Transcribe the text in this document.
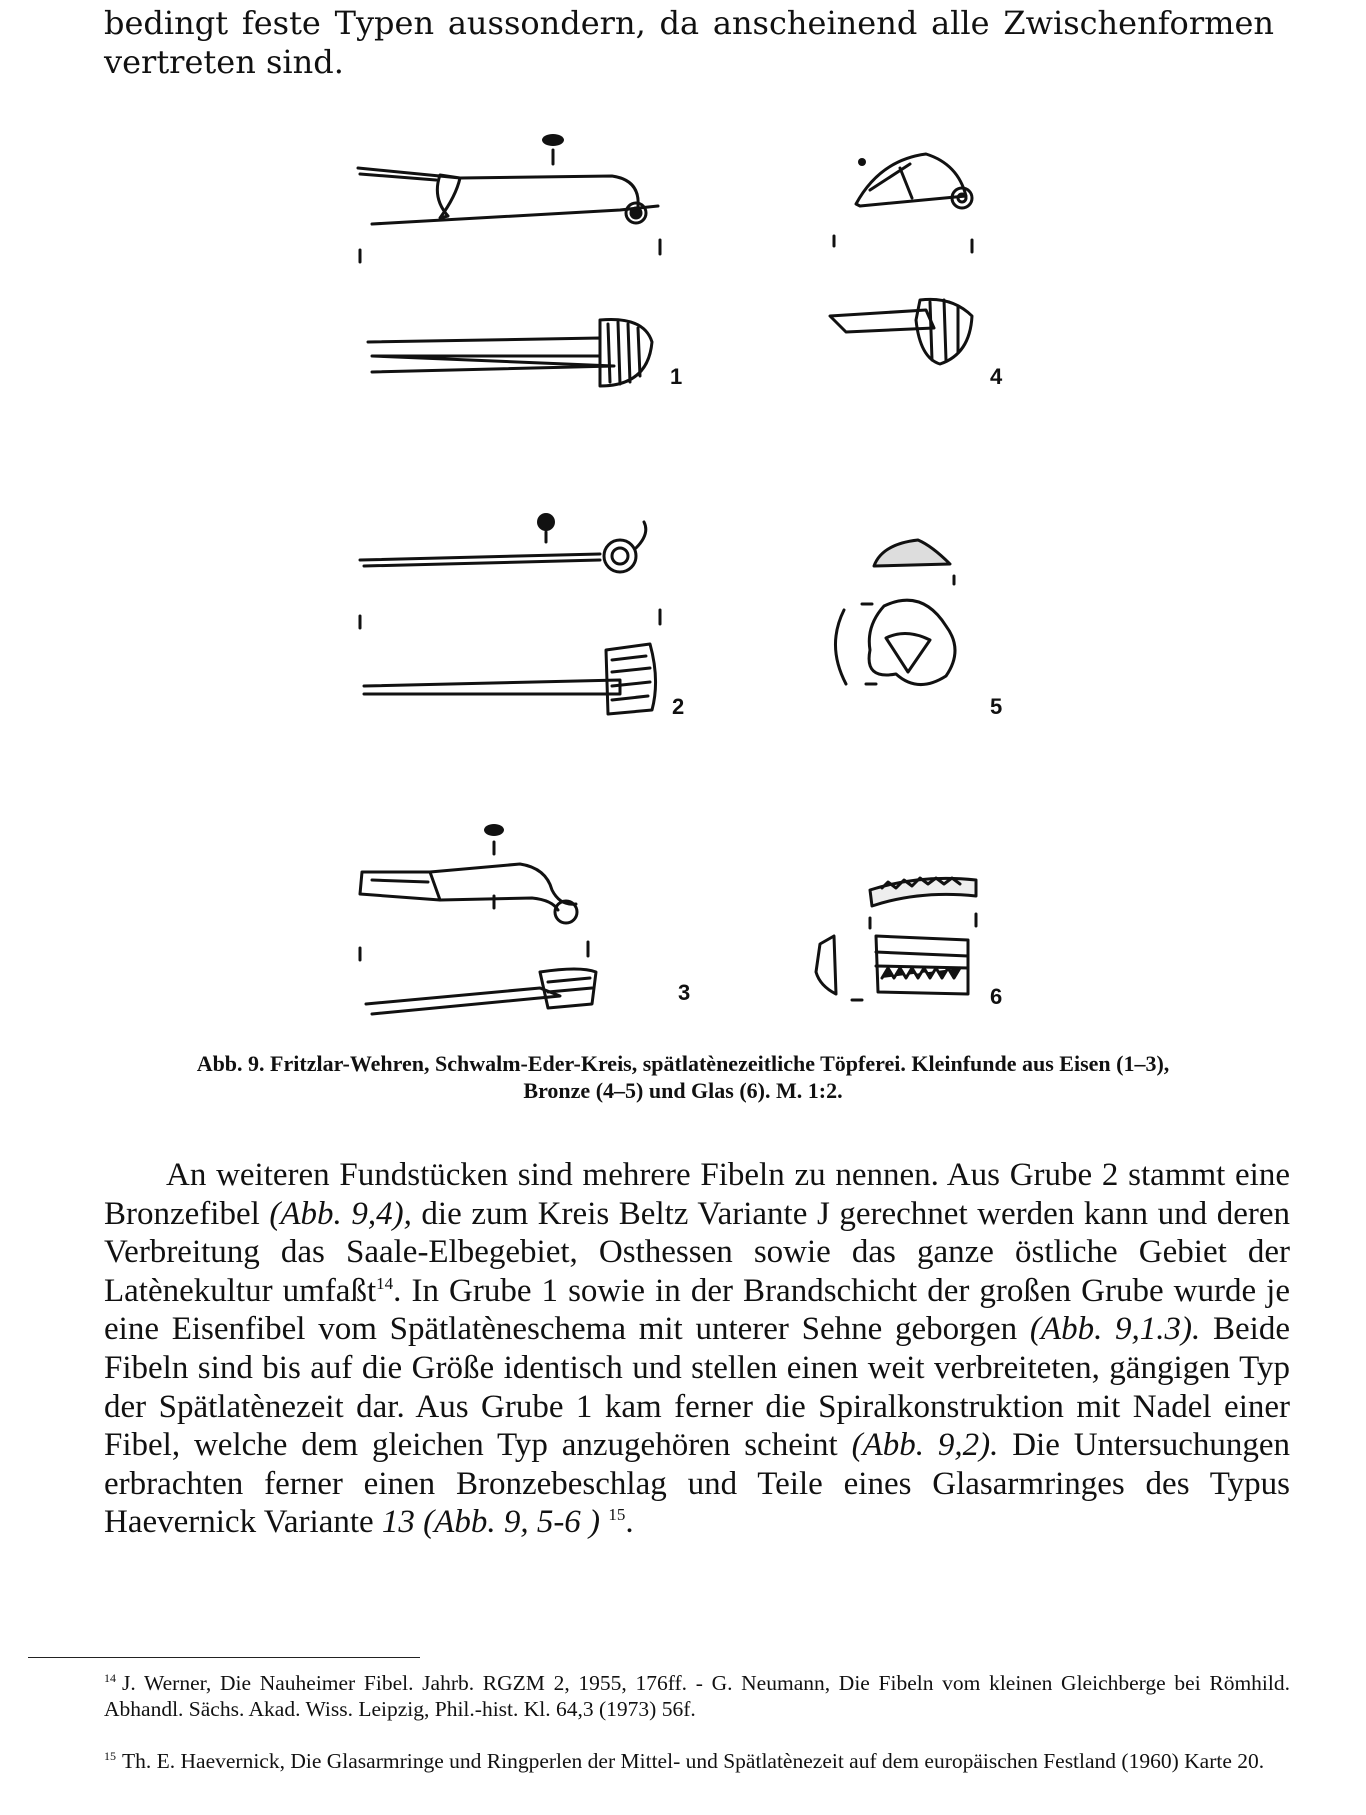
bedingt feste Typen aussondern, da anscheinend alle Zwischenformen vertreten sind.

1
2
3
4
5
6

Abb. 9. Fritzlar-Wehren, Schwalm-Eder-Kreis, spätlatènezeitliche Töpferei. Kleinfunde aus Eisen (1–3),
Bronze (4–5) und Glas (6). M. 1:2.

An weiteren Fundstücken sind mehrere Fibeln zu nennen. Aus Grube 2 stammt eine Bronzefibel (Abb. 9,4), die zum Kreis Beltz Variante J gerechnet werden kann und deren Verbreitung das Saale-Elbegebiet, Osthessen sowie das ganze östliche Gebiet der Latènekultur umfaßt$^{14}$. In Grube 1 sowie in der Brandschicht der großen Grube wurde je eine Eisenfibel vom Spätlatèneschema mit unterer Sehne geborgen (Abb. 9,1.3). Beide Fibeln sind bis auf die Größe identisch und stellen einen weit verbreiteten, gängigen Typ der Spätlatènezeit dar. Aus Grube 1 kam ferner die Spiralkonstruktion mit Nadel einer Fibel, welche dem gleichen Typ anzugehören scheint (Abb. 9,2). Die Untersuchungen erbrachten ferner einen Bronzebeschlag und Teile eines Glasarmringes des Typus Haevernick Variante 13 (Abb. 9, 5-6 ) $^{15}$.

$^{14}$ J. Werner, Die Nauheimer Fibel. Jahrb. RGZM 2, 1955, 176ff. - G. Neumann, Die Fibeln vom kleinen Gleichberge bei Römhild. Abhandl. Sächs. Akad. Wiss. Leipzig, Phil.-hist. Kl. 64,3 (1973) 56f.

$^{15}$ Th. E. Haevernick, Die Glasarmringe und Ringperlen der Mittel- und Spätlatènezeit auf dem europäischen Festland (1960) Karte 20.
